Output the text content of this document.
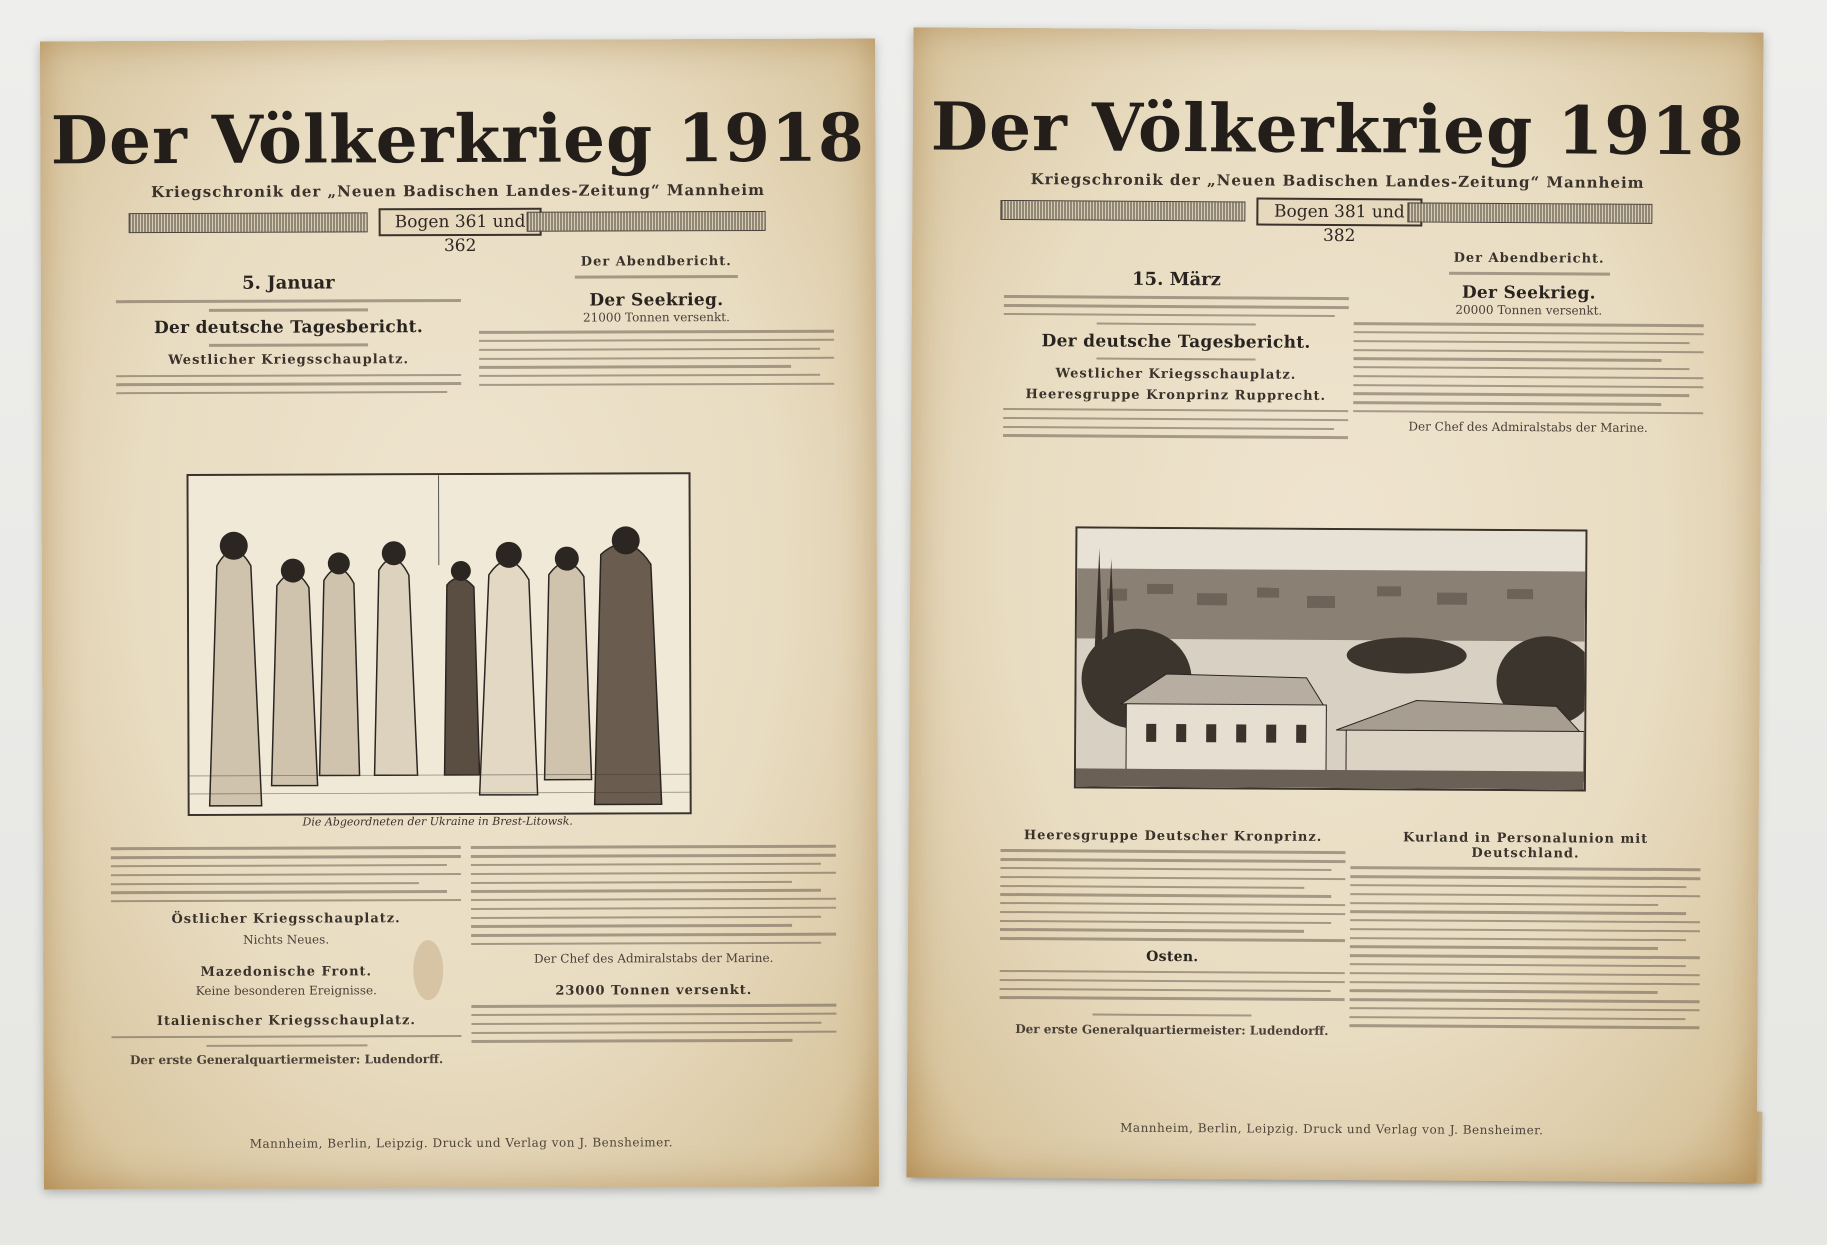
Der Völkerkrieg 1918
Kriegschronik der „Neuen Badischen Landes-Zeitung“ Mannheim
Bogen 361 und 362
5. Januar
Der deutsche Tagesbericht.
Westlicher Kriegsschauplatz.
Der Abendbericht.
Der Seekrieg.
21000 Tonnen versenkt.
Die Abgeordneten der Ukraine in Brest-Litowsk.
Östlicher Kriegsschauplatz.
Nichts Neues.
Mazedonische Front.
Keine besonderen Ereignisse.
Italienischer Kriegsschauplatz.
Der erste Generalquartiermeister: Ludendorff.
Der Chef des Admiralstabs der Marine.
23000 Tonnen versenkt.
Mannheim, Berlin, Leipzig. Druck und Verlag von J. Bensheimer.
Der Völkerkrieg 1918
Kriegschronik der „Neuen Badischen Landes-Zeitung“ Mannheim
Bogen 381 und 382
15. März
Der deutsche Tagesbericht.
Westlicher Kriegsschauplatz.
Heeresgruppe Kronprinz Rupprecht.
Der Abendbericht.
Der Seekrieg.
20000 Tonnen versenkt.
Der Chef des Admiralstabs der Marine.
Heeresgruppe Deutscher Kronprinz.
Osten.
Der erste Generalquartiermeister: Ludendorff.
Kurland in Personalunion mit Deutschland.
Mannheim, Berlin, Leipzig. Druck und Verlag von J. Bensheimer.
